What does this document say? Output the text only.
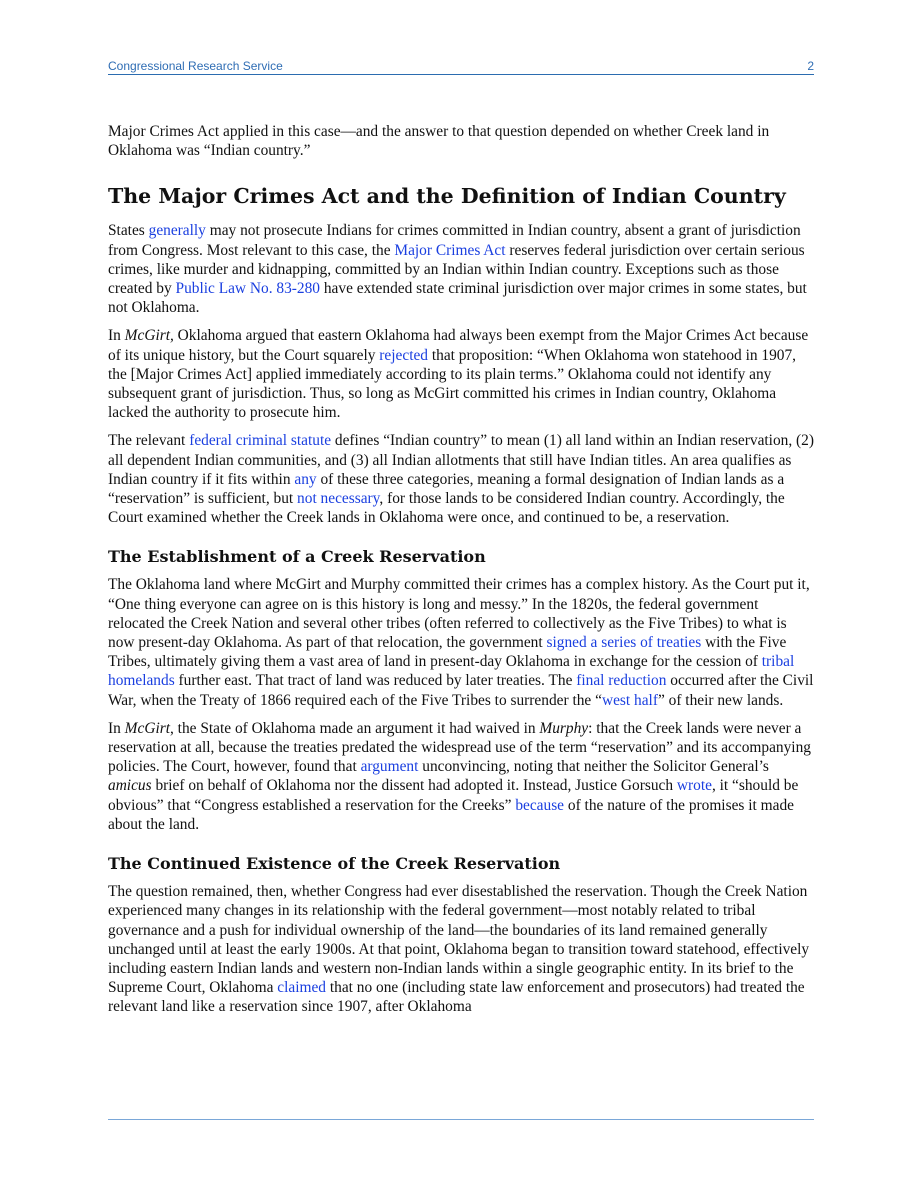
Congressional Research Service	2

Major Crimes Act applied in this case—and the answer to that question depended on whether Creek land in Oklahoma was “Indian country.”

The Major Crimes Act and the Definition of Indian Country

States generally may not prosecute Indians for crimes committed in Indian country, absent a grant of jurisdiction from Congress. Most relevant to this case, the Major Crimes Act reserves federal jurisdiction over certain serious crimes, like murder and kidnapping, committed by an Indian within Indian country. Exceptions such as those created by Public Law No. 83-280 have extended state criminal jurisdiction over major crimes in some states, but not Oklahoma.

In McGirt, Oklahoma argued that eastern Oklahoma had always been exempt from the Major Crimes Act because of its unique history, but the Court squarely rejected that proposition: “When Oklahoma won statehood in 1907, the [Major Crimes Act] applied immediately according to its plain terms.” Oklahoma could not identify any subsequent grant of jurisdiction. Thus, so long as McGirt committed his crimes in Indian country, Oklahoma lacked the authority to prosecute him.

The relevant federal criminal statute defines “Indian country” to mean (1) all land within an Indian reservation, (2) all dependent Indian communities, and (3) all Indian allotments that still have Indian titles. An area qualifies as Indian country if it fits within any of these three categories, meaning a formal designation of Indian lands as a “reservation” is sufficient, but not necessary, for those lands to be considered Indian country. Accordingly, the Court examined whether the Creek lands in Oklahoma were once, and continued to be, a reservation.

The Establishment of a Creek Reservation

The Oklahoma land where McGirt and Murphy committed their crimes has a complex history. As the Court put it, “One thing everyone can agree on is this history is long and messy.” In the 1820s, the federal government relocated the Creek Nation and several other tribes (often referred to collectively as the Five Tribes) to what is now present-day Oklahoma. As part of that relocation, the government signed a series of treaties with the Five Tribes, ultimately giving them a vast area of land in present-day Oklahoma in exchange for the cession of tribal homelands further east. That tract of land was reduced by later treaties. The final reduction occurred after the Civil War, when the Treaty of 1866 required each of the Five Tribes to surrender the “west half” of their new lands.

In McGirt, the State of Oklahoma made an argument it had waived in Murphy: that the Creek lands were never a reservation at all, because the treaties predated the widespread use of the term “reservation” and its accompanying policies. The Court, however, found that argument unconvincing, noting that neither the Solicitor General’s amicus brief on behalf of Oklahoma nor the dissent had adopted it. Instead, Justice Gorsuch wrote, it “should be obvious” that “Congress established a reservation for the Creeks” because of the nature of the promises it made about the land.

The Continued Existence of the Creek Reservation

The question remained, then, whether Congress had ever disestablished the reservation. Though the Creek Nation experienced many changes in its relationship with the federal government—most notably related to tribal governance and a push for individual ownership of the land—the boundaries of its land remained generally unchanged until at least the early 1900s. At that point, Oklahoma began to transition toward statehood, effectively including eastern Indian lands and western non-Indian lands within a single geographic entity. In its brief to the Supreme Court, Oklahoma claimed that no one (including state law enforcement and prosecutors) had treated the relevant land like a reservation since 1907, after Oklahoma
